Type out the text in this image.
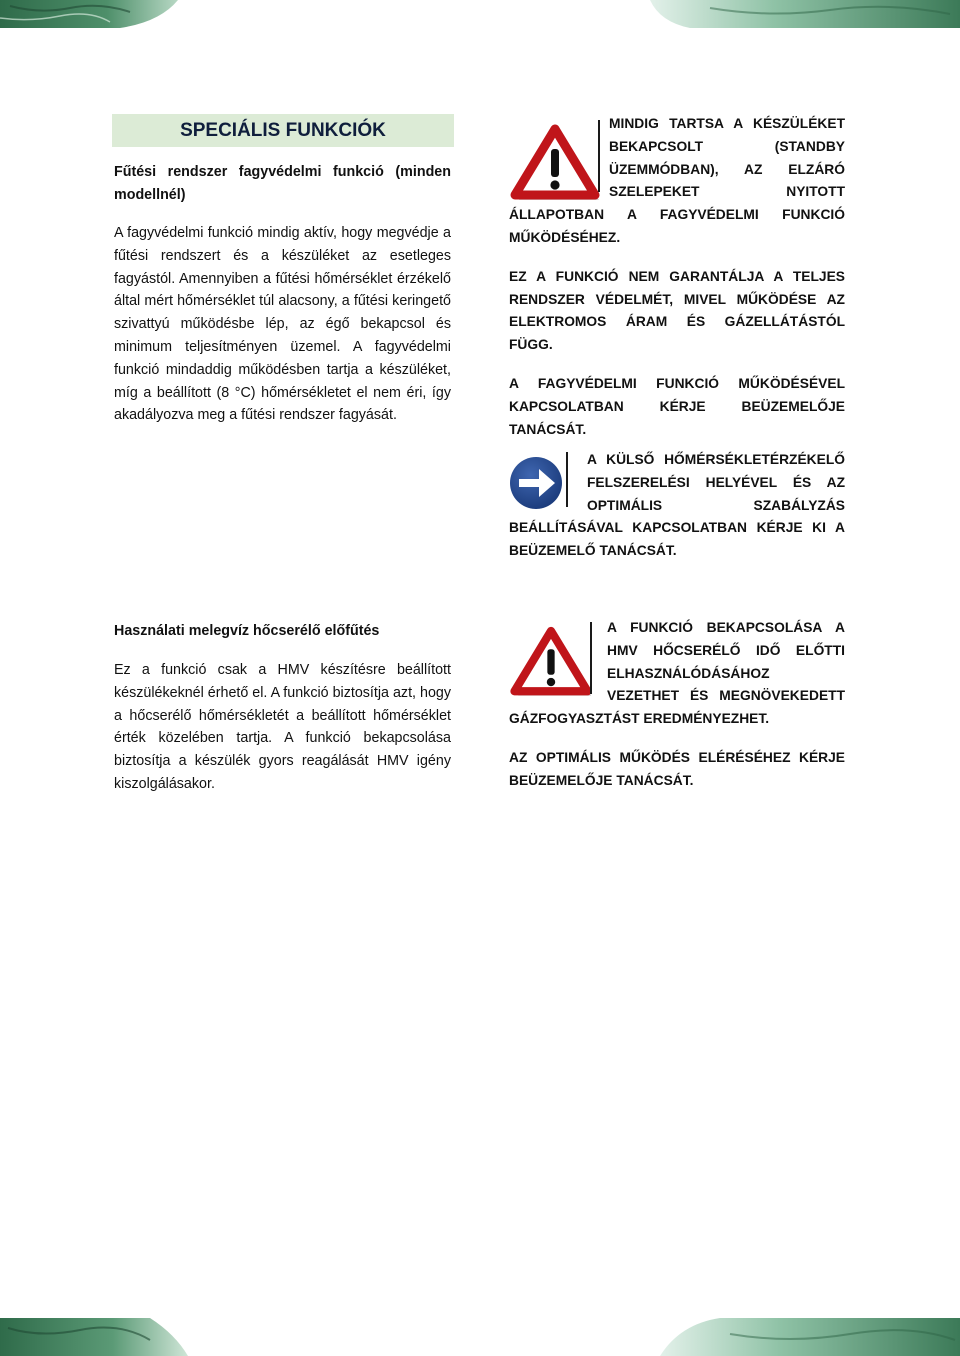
SPECIÁLIS FUNKCIÓK
Fűtési rendszer fagyvédelmi funkció (minden modellnél)

A fagyvédelmi funkció mindig aktív, hogy megvédje a fűtési rendszert és a készüléket az esetleges fagyástól. Amennyiben a fűtési hőmérséklet érzékelő által mért hőmérséklet túl alacsony, a fűtési keringető szivattyú működésbe lép, az égő bekapcsol és minimum teljesítményen üzemel. A fagyvédelmi funkció mindaddig működésben tartja a készüléket, míg a beállított (8 °C) hőmérsékletet el nem éri, így akadályozva meg a fűtési rendszer fagyását.

Használati melegvíz hőcserélő előfűtés

Ez a funkció csak a HMV készítésre beállított készülékeknél érhető el. A funkció biztosítja azt, hogy a hőcserélő hőmérsékletét a beállított hőmérséklet érték közelében tartja. A funkció bekapcsolása biztosítja a készülék gyors reagálását HMV igény kiszolgálásakor.

MINDIG TARTSA A KÉSZÜLÉKET BEKAPCSOLT (STANDBY ÜZEMMÓDBAN), AZ ELZÁRÓ SZELEPEKET NYITOTT ÁLLAPOTBAN A FAGYVÉDELMI FUNKCIÓ MŰKÖDÉSÉHEZ.

EZ A FUNKCIÓ NEM GARANTÁLJA A TELJES RENDSZER VÉDELMÉT, MIVEL MŰKÖDÉSE AZ ELEKTROMOS ÁRAM ÉS GÁZELLÁTÁSTÓL FÜGG.

A FAGYVÉDELMI FUNKCIÓ MŰKÖDÉSÉVEL KAPCSOLATBAN KÉRJE BEÜZEMELŐJE TANÁCSÁT.

A KÜLSŐ HŐMÉRSÉKLETÉRZÉKELŐ FELSZERELÉSI HELYÉVEL ÉS AZ OPTIMÁLIS SZABÁLYZÁS BEÁLLÍTÁSÁVAL KAPCSOLATBAN KÉRJE KI A BEÜZEMELŐ TANÁCSÁT.

A FUNKCIÓ BEKAPCSOLÁSA A HMV HŐCSERÉLŐ IDŐ ELŐTTI ELHASZNÁLÓDÁSÁHOZ VEZETHET ÉS MEGNÖVEKEDETT GÁZFOGYASZTÁST EREDMÉNYEZHET.

AZ OPTIMÁLIS MŰKÖDÉS ELÉRÉSÉHEZ KÉRJE BEÜZEMELŐJE TANÁCSÁT.
